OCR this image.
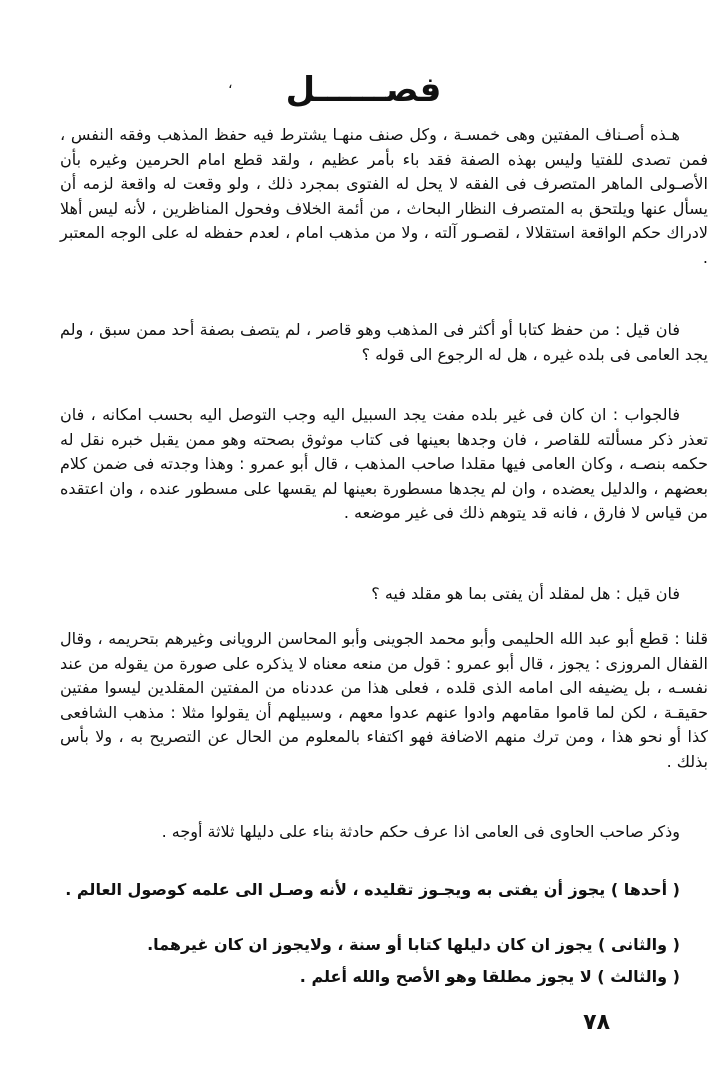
، فصــــــل
هـذه أصـناف المفتين وهى خمسـة ، وكل صنف منهـا يشترط فيه حفظ المذهب وفقه النفس ، فمن تصدى للفتيا وليس بهذه الصفة فقد باء بأمر عظيم ، ولقد قطع امام الحرمين وغيره بأن الأصـولى الماهر المتصرف فى الفقه لا يحل له الفتوى بمجرد ذلك ، ولو وقعت له واقعة لزمه أن يسأل عنها ويلتحق به المتصرف النظار البحاث ، من أئمة الخلاف وفحول المناظرين ، لأنه ليس أهلا لادراك حكم الواقعة استقلالا ، لقصـور آلته ، ولا من مذهب امام ، لعدم حفظه له على الوجه المعتبر .
فان قيل : من حفظ كتابا أو أكثر فى المذهب وهو قاصر ، لم يتصف بصفة أحد ممن سبق ، ولم يجد العامى فى بلده غيره ، هل له الرجوع الى قوله ؟
فالجواب : ان كان فى غير بلده مفت يجد السبيل اليه وجب التوصل اليه بحسب امكانه ، فان تعذر ذكر مسألته للقاصر ، فان وجدها بعينها فى كتاب موثوق بصحته وهو ممن يقبل خبره نقل له حكمه بنصـه ، وكان العامى فيها مقلدا صاحب المذهب ، قال أبو عمرو : وهذا وجدته فى ضمن كلام بعضهم ، والدليل يعضده ، وان لم يجدها مسطورة بعينها لم يقسها على مسطور عنده ، وان اعتقده من قياس لا فارق ، فانه قد يتوهم ذلك فى غير موضعه .
فان قيل : هل لمقلد أن يفتى بما هو مقلد فيه ؟
قلنا : قطع أبو عبد الله الحليمى وأبو محمد الجوينى وأبو المحاسن الرويانى وغيرهم بتحريمه ، وقال القفال المروزى : يجوز ، قال أبو عمرو : قول من منعه معناه لا يذكره على صورة من يقوله من عند نفسـه ، بل يضيفه الى امامه الذى قلده ، فعلى هذا من عددناه من المفتين المقلدين ليسوا مفتين حقيقـة ، لكن لما قاموا مقامهم وادوا عنهم عدوا معهم ، وسبيلهم أن يقولوا مثلا : مذهب الشافعى كذا أو نحو هذا ، ومن ترك منهم الاضافة فهو اكتفاء بالمعلوم من الحال عن التصريح به ، ولا بأس بذلك .
وذكر صاحب الحاوى فى العامى اذا عرف حكم حادثة بناء على دليلها ثلاثة أوجه .
( أحدها ) يجوز أن يفتى به ويجـوز تقليده ، لأنه وصـل الى علمه كوصول العالم .
( والثانى ) يجوز ان كان دليلها كتابا أو سنة ، ولايجوز ان كان غيرهما.
( والثالث ) لا يجوز مطلقا وهو الأصح والله أعلم .
٧٨
